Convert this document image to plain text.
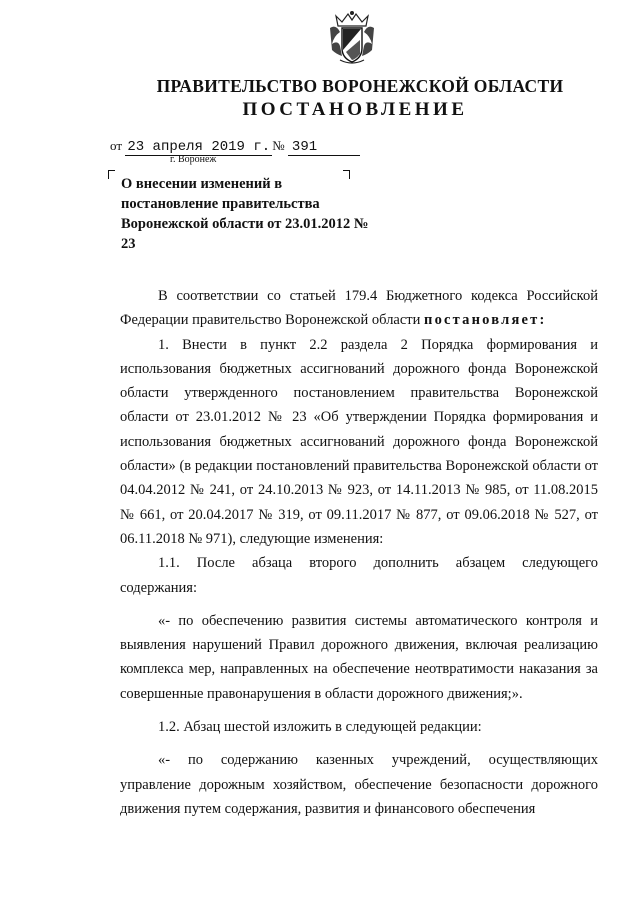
ПРАВИТЕЛЬСТВО ВОРОНЕЖСКОЙ ОБЛАСТИ
ПОСТАНОВЛЕНИЕ
от 23 апреля 2019 г. № 391
г. Воронеж
О внесении изменений в постановление правительства Воронежской области от 23.01.2012 № 23

В соответствии со статьей 179.4 Бюджетного кодекса Российской Федерации правительство Воронежской области постановляет:

1. Внести в пункт 2.2 раздела 2 Порядка формирования и использования бюджетных ассигнований дорожного фонда Воронежской области утвержденного постановлением правительства Воронежской области от 23.01.2012 № 23 «Об утверждении Порядка формирования и использования бюджетных ассигнований дорожного фонда Воронежской области» (в редакции постановлений правительства Воронежской области от 04.04.2012 № 241, от 24.10.2013 № 923, от 14.11.2013 № 985, от 11.08.2015 № 661, от 20.04.2017 № 319, от 09.11.2017 № 877, от 09.06.2018 № 527, от 06.11.2018 № 971), следующие изменения:

1.1. После абзаца второго дополнить абзацем следующего содержания:

«- по обеспечению развития системы автоматического контроля и выявления нарушений Правил дорожного движения, включая реализацию комплекса мер, направленных на обеспечение неотвратимости наказания за совершенные правонарушения в области дорожного движения;».

1.2. Абзац шестой изложить в следующей редакции:

«- по содержанию казенных учреждений, осуществляющих управление дорожным хозяйством, обеспечение безопасности дорожного движения путем содержания, развития и финансового обеспечения
